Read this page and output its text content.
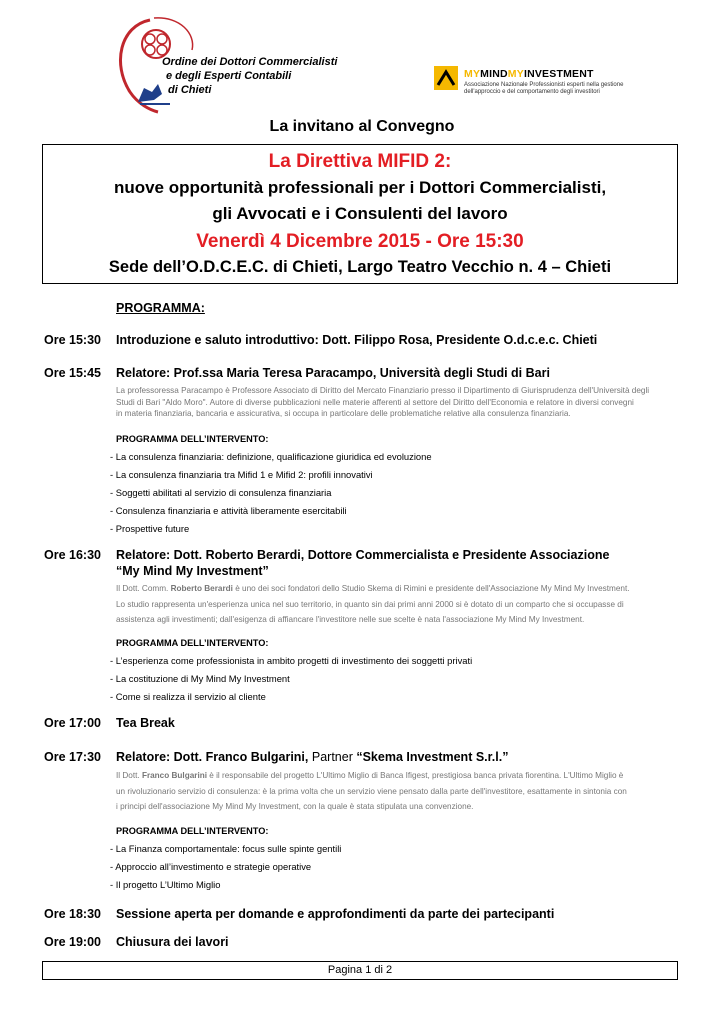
Ordine dei Dottori Commercialisti
e degli Esperti Contabili
di Chieti
MYMINDMYINVESTMENT
Associazione Nazionale Professionisti esperti nella gestione
dell'approccio e del comportamento degli investitori
La invitano al Convegno
La Direttiva MIFID 2:
nuove opportunità professionali per i Dottori Commercialisti,
gli Avvocati e i Consulenti del lavoro
Venerdì 4 Dicembre 2015 - Ore 15:30
Sede dell’O.D.C.E.C. di Chieti, Largo Teatro Vecchio n. 4 – Chieti
PROGRAMMA:
Ore 15:30 Introduzione e saluto introduttivo: Dott. Filippo Rosa, Presidente O.d.c.e.c. Chieti
Ore 15:45 Relatore: Prof.ssa Maria Teresa Paracampo, Università degli Studi di Bari
La professoressa Paracampo è Professore Associato di Diritto del Mercato Finanziario presso il Dipartimento di Giurisprudenza dell'Università degli
Studi di Bari "Aldo Moro". Autore di diverse pubblicazioni nelle materie afferenti al settore del Diritto dell'Economia e relatore in diversi convegni
in materia finanziaria, bancaria e assicurativa, si occupa in particolare delle problematiche relative alla consulenza finanziaria.
PROGRAMMA DELL’INTERVENTO:
- La consulenza finanziaria: definizione, qualificazione giuridica ed evoluzione
- La consulenza finanziaria tra Mifid 1 e Mifid 2: profili innovativi
- Soggetti abilitati al servizio di consulenza finanziaria
- Consulenza finanziaria e attività liberamente esercitabili
- Prospettive future
Ore 16:30 Relatore: Dott. Roberto Berardi, Dottore Commercialista e Presidente Associazione
“My Mind My Investment”
Il Dott. Comm. Roberto Berardi è uno dei soci fondatori dello Studio Skema di Rimini e presidente dell'Associazione My Mind My Investment.
Lo studio rappresenta un'esperienza unica nel suo territorio, in quanto sin dai primi anni 2000 si è dotato di un comparto che si occupasse di
assistenza agli investimenti; dall'esigenza di affiancare l'investitore nelle sue scelte è nata l'associazione My Mind My Investment.
PROGRAMMA DELL’INTERVENTO:
- L’esperienza come professionista in ambito progetti di investimento dei soggetti privati
- La costituzione di My Mind My Investment
- Come si realizza il servizio al cliente
Ore 17:00 Tea Break
Ore 17:30 Relatore: Dott. Franco Bulgarini, Partner “Skema Investment S.r.l.”
Il Dott. Franco Bulgarini è il responsabile del progetto L'Ultimo Miglio di Banca Ifigest, prestigiosa banca privata fiorentina. L'Ultimo Miglio è
un rivoluzionario servizio di consulenza: è la prima volta che un servizio viene pensato dalla parte dell'investitore, esattamente in sintonia con
i principi dell'associazione My Mind My Investment, con la quale è stata stipulata una convenzione.
PROGRAMMA DELL’INTERVENTO:
- La Finanza comportamentale: focus sulle spinte gentili
- Approccio all’investimento e strategie operative
- Il progetto L’Ultimo Miglio
Ore 18:30 Sessione aperta per domande e approfondimenti da parte dei partecipanti
Ore 19:00 Chiusura dei lavori
Pagina 1 di 2
